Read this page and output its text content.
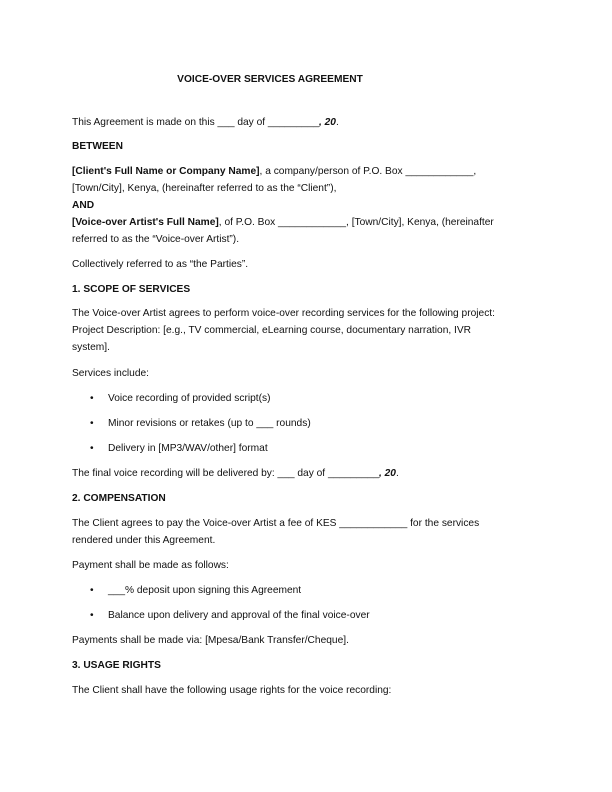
VOICE-OVER SERVICES AGREEMENT
This Agreement is made on this ___ day of _________, 20.
BETWEEN
[Client's Full Name or Company Name], a company/person of P.O. Box ____________,
[Town/City], Kenya, (hereinafter referred to as the “Client”),
AND
[Voice-over Artist's Full Name], of P.O. Box ____________, [Town/City], Kenya, (hereinafter
referred to as the “Voice-over Artist”).
Collectively referred to as “the Parties”.
1. SCOPE OF SERVICES
The Voice-over Artist agrees to perform voice-over recording services for the following project:
Project Description: [e.g., TV commercial, eLearning course, documentary narration, IVR
system].
Services include:
• Voice recording of provided script(s)
• Minor revisions or retakes (up to ___ rounds)
• Delivery in [MP3/WAV/other] format
The final voice recording will be delivered by: ___ day of _________, 20.
2. COMPENSATION
The Client agrees to pay the Voice-over Artist a fee of KES ____________ for the services
rendered under this Agreement.
Payment shall be made as follows:
• ___% deposit upon signing this Agreement
• Balance upon delivery and approval of the final voice-over
Payments shall be made via: [Mpesa/Bank Transfer/Cheque].
3. USAGE RIGHTS
The Client shall have the following usage rights for the voice recording:
